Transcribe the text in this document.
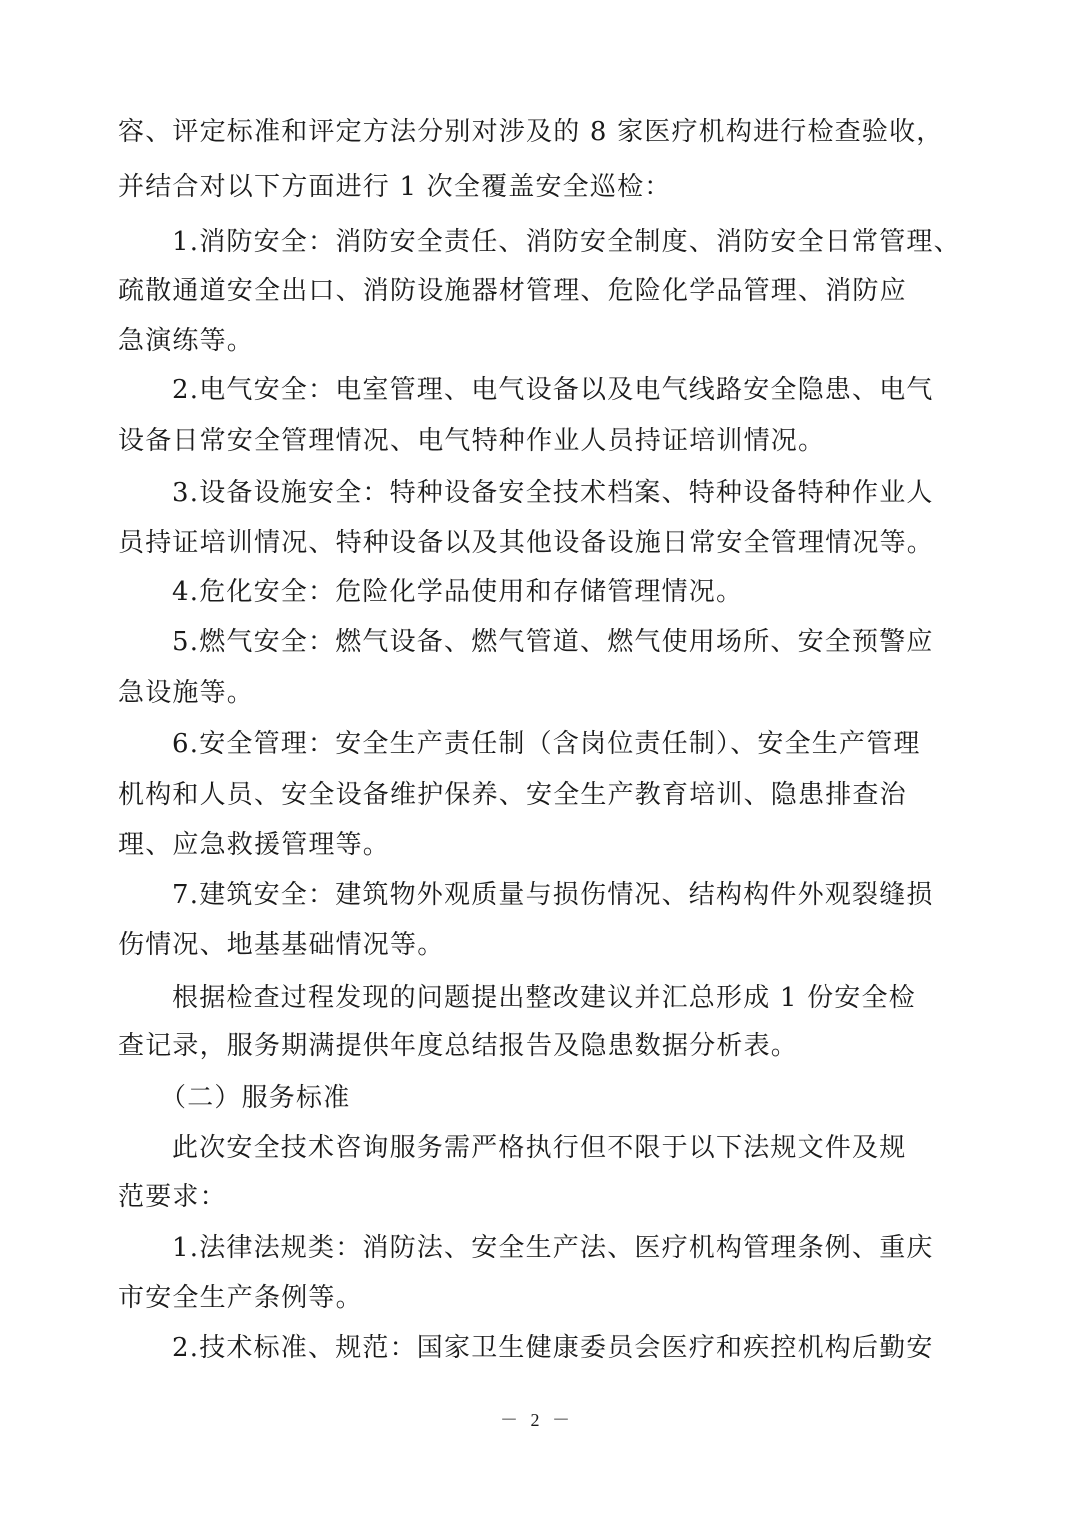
容、评定标准和评定方法分别对涉及的 8 家医疗机构进行检查验收，
并结合对以下方面进行 1 次全覆盖安全巡检：
1.消防安全：消防安全责任、消防安全制度、消防安全日常管理、
疏散通道安全出口、消防设施器材管理、危险化学品管理、消防应
急演练等。
2.电气安全：电室管理、电气设备以及电气线路安全隐患、电气
设备日常安全管理情况、电气特种作业人员持证培训情况。
3.设备设施安全：特种设备安全技术档案、特种设备特种作业人
员持证培训情况、特种设备以及其他设备设施日常安全管理情况等。
4.危化安全：危险化学品使用和存储管理情况。
5.燃气安全：燃气设备、燃气管道、燃气使用场所、安全预警应
急设施等。
6.安全管理：安全生产责任制（含岗位责任制）、安全生产管理
机构和人员、安全设备维护保养、安全生产教育培训、隐患排查治
理、应急救援管理等。
7.建筑安全：建筑物外观质量与损伤情况、结构构件外观裂缝损
伤情况、地基基础情况等。
根据检查过程发现的问题提出整改建议并汇总形成 1 份安全检
查记录，服务期满提供年度总结报告及隐患数据分析表。
（二）服务标准
此次安全技术咨询服务需严格执行但不限于以下法规文件及规
范要求：
1.法律法规类：消防法、安全生产法、医疗机构管理条例、重庆
市安全生产条例等。
2.技术标准、规范：国家卫生健康委员会医疗和疾控机构后勤安
－ 2 －
